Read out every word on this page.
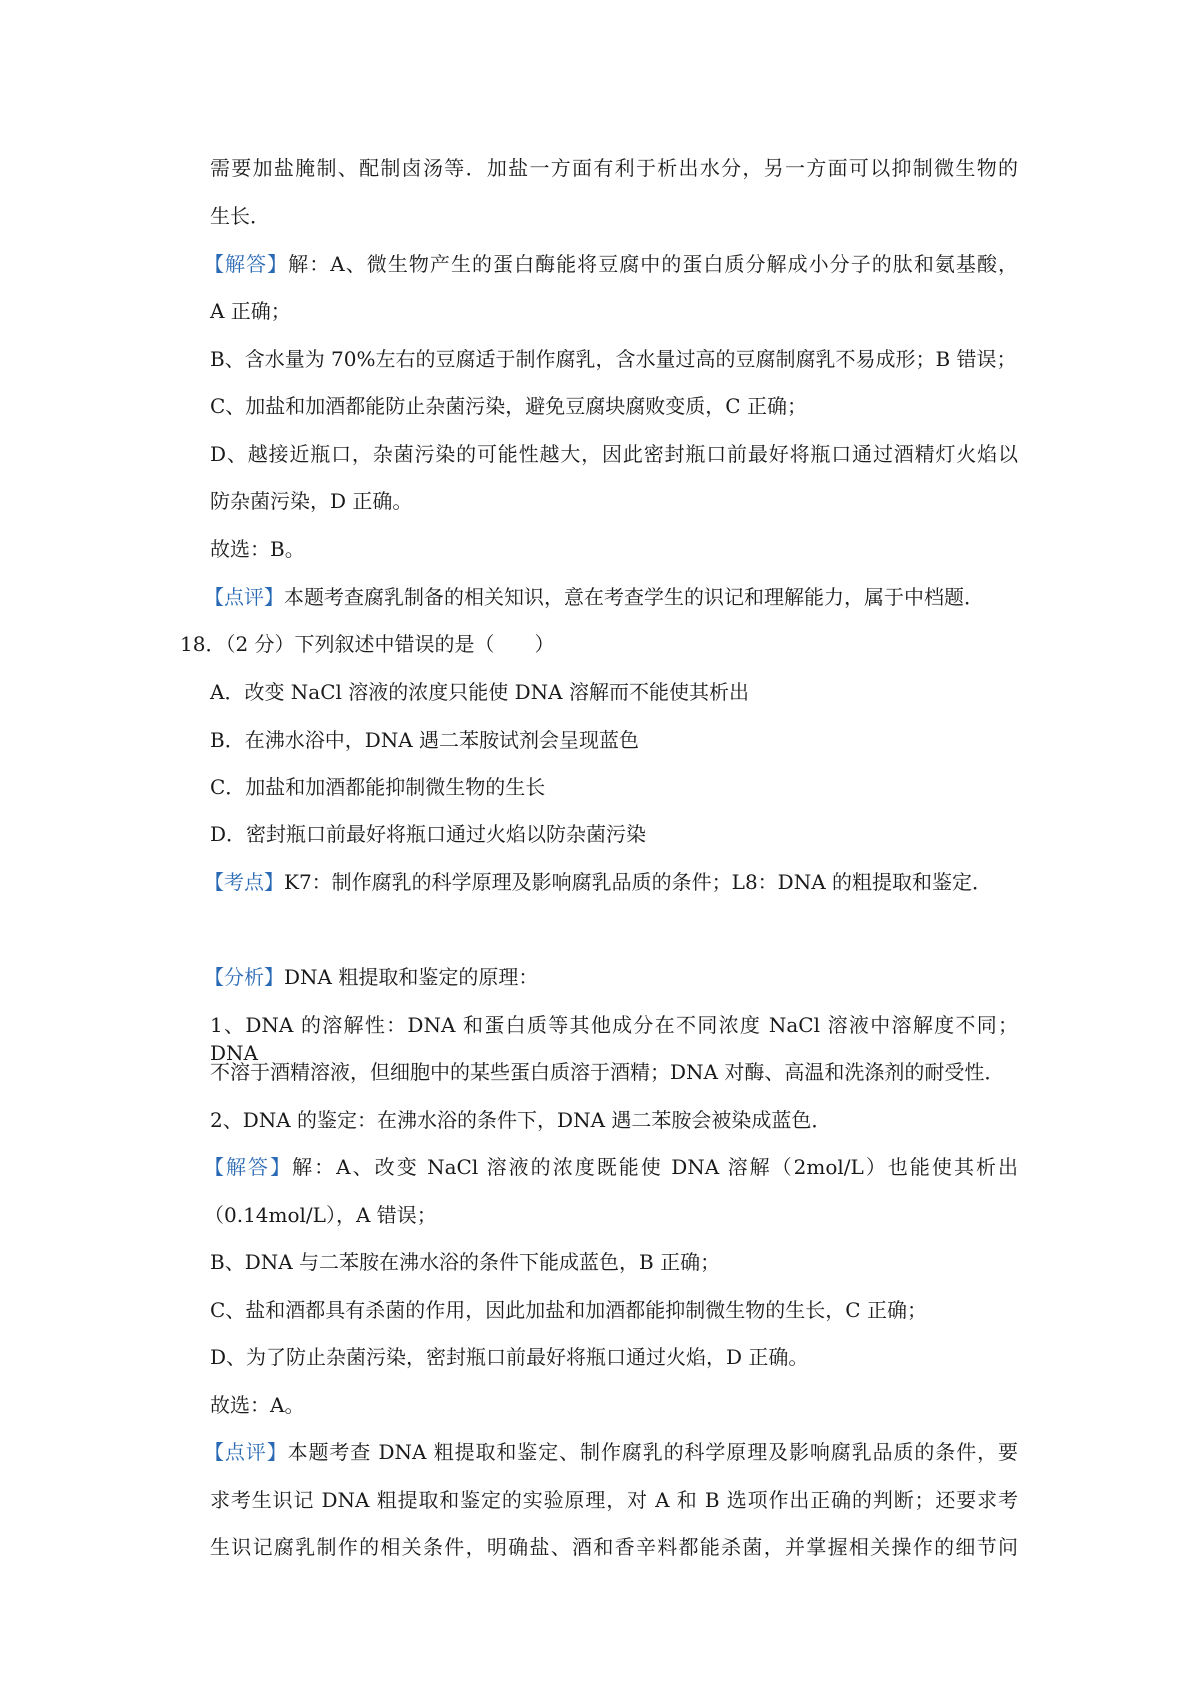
需要加盐腌制、配制卤汤等．加盐一方面有利于析出水分，另一方面可以抑制微生物的
生长．
【解答】解：A、微生物产生的蛋白酶能将豆腐中的蛋白质分解成小分子的肽和氨基酸，
A 正确；
B、含水量为 70%左右的豆腐适于制作腐乳，含水量过高的豆腐制腐乳不易成形；B 错误；
C、加盐和加酒都能防止杂菌污染，避免豆腐块腐败变质，C 正确；
D、越接近瓶口，杂菌污染的可能性越大，因此密封瓶口前最好将瓶口通过酒精灯火焰以
防杂菌污染，D 正确。
故选：B。
【点评】本题考查腐乳制备的相关知识，意在考查学生的识记和理解能力，属于中档题．
18．（2 分）下列叙述中错误的是（　　）
A．改变 NaCl 溶液的浓度只能使 DNA 溶解而不能使其析出
B．在沸水浴中，DNA 遇二苯胺试剂会呈现蓝色
C．加盐和加酒都能抑制微生物的生长
D．密封瓶口前最好将瓶口通过火焰以防杂菌污染
【考点】K7：制作腐乳的科学原理及影响腐乳品质的条件；L8：DNA 的粗提取和鉴定．
【分析】DNA 粗提取和鉴定的原理：
1、DNA 的溶解性：DNA 和蛋白质等其他成分在不同浓度 NaCl 溶液中溶解度不同；DNA
不溶于酒精溶液，但细胞中的某些蛋白质溶于酒精；DNA 对酶、高温和洗涤剂的耐受性．
2、DNA 的鉴定：在沸水浴的条件下，DNA 遇二苯胺会被染成蓝色．
【解答】解：A、改变 NaCl 溶液的浓度既能使 DNA 溶解（2mol/L）也能使其析出
（0.14mol/L），A 错误；
B、DNA 与二苯胺在沸水浴的条件下能成蓝色，B 正确；
C、盐和酒都具有杀菌的作用，因此加盐和加酒都能抑制微生物的生长，C 正确；
D、为了防止杂菌污染，密封瓶口前最好将瓶口通过火焰，D 正确。
故选：A。
【点评】本题考查 DNA 粗提取和鉴定、制作腐乳的科学原理及影响腐乳品质的条件，要
求考生识记 DNA 粗提取和鉴定的实验原理，对 A 和 B 选项作出正确的判断；还要求考
生识记腐乳制作的相关条件，明确盐、酒和香辛料都能杀菌，并掌握相关操作的细节问
